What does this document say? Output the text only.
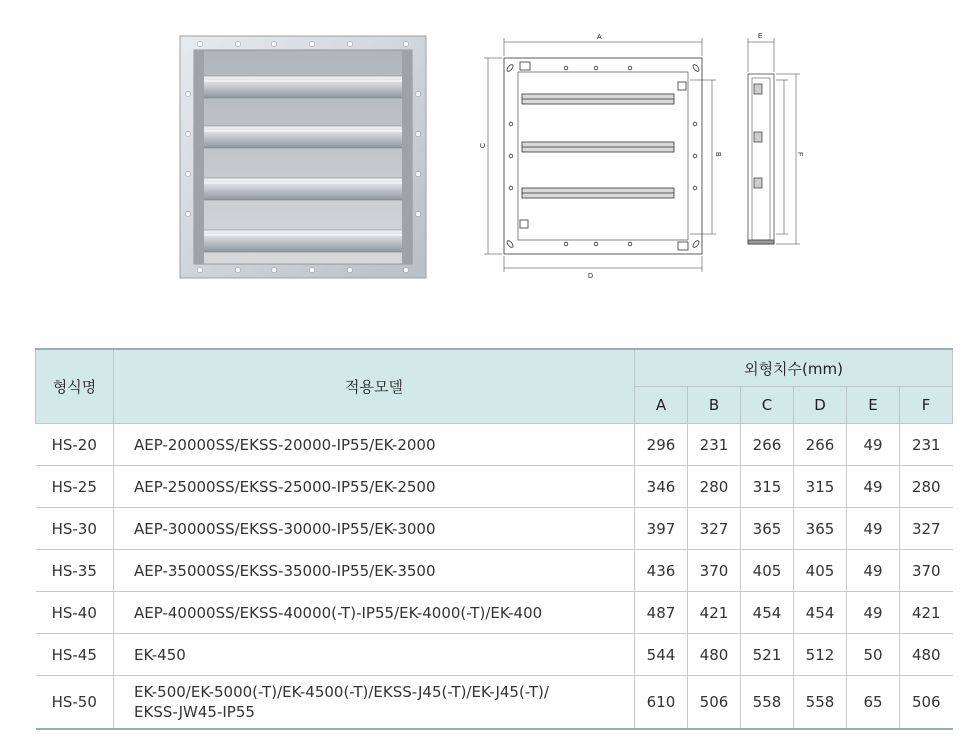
A
D
C
B
E
F
형식명	적용모델	외형치수(mm)					
		A	B	C	D	E	F
HS-20	AEP-20000SS/EKSS-20000-IP55/EK-2000	296	231	266	266	49	231
HS-25	AEP-25000SS/EKSS-25000-IP55/EK-2500	346	280	315	315	49	280
HS-30	AEP-30000SS/EKSS-30000-IP55/EK-3000	397	327	365	365	49	327
HS-35	AEP-35000SS/EKSS-35000-IP55/EK-3500	436	370	405	405	49	370
HS-40	AEP-40000SS/EKSS-40000(-T)-IP55/EK-4000(-T)/EK-400	487	421	454	454	49	421
HS-45	EK-450	544	480	521	512	50	480
HS-50	EK-500/EK-5000(-T)/EK-4500(-T)/EKSS-J45(-T)/EK-J45(-T)/
EKSS-JW45-IP55	610	506	558	558	65	506
